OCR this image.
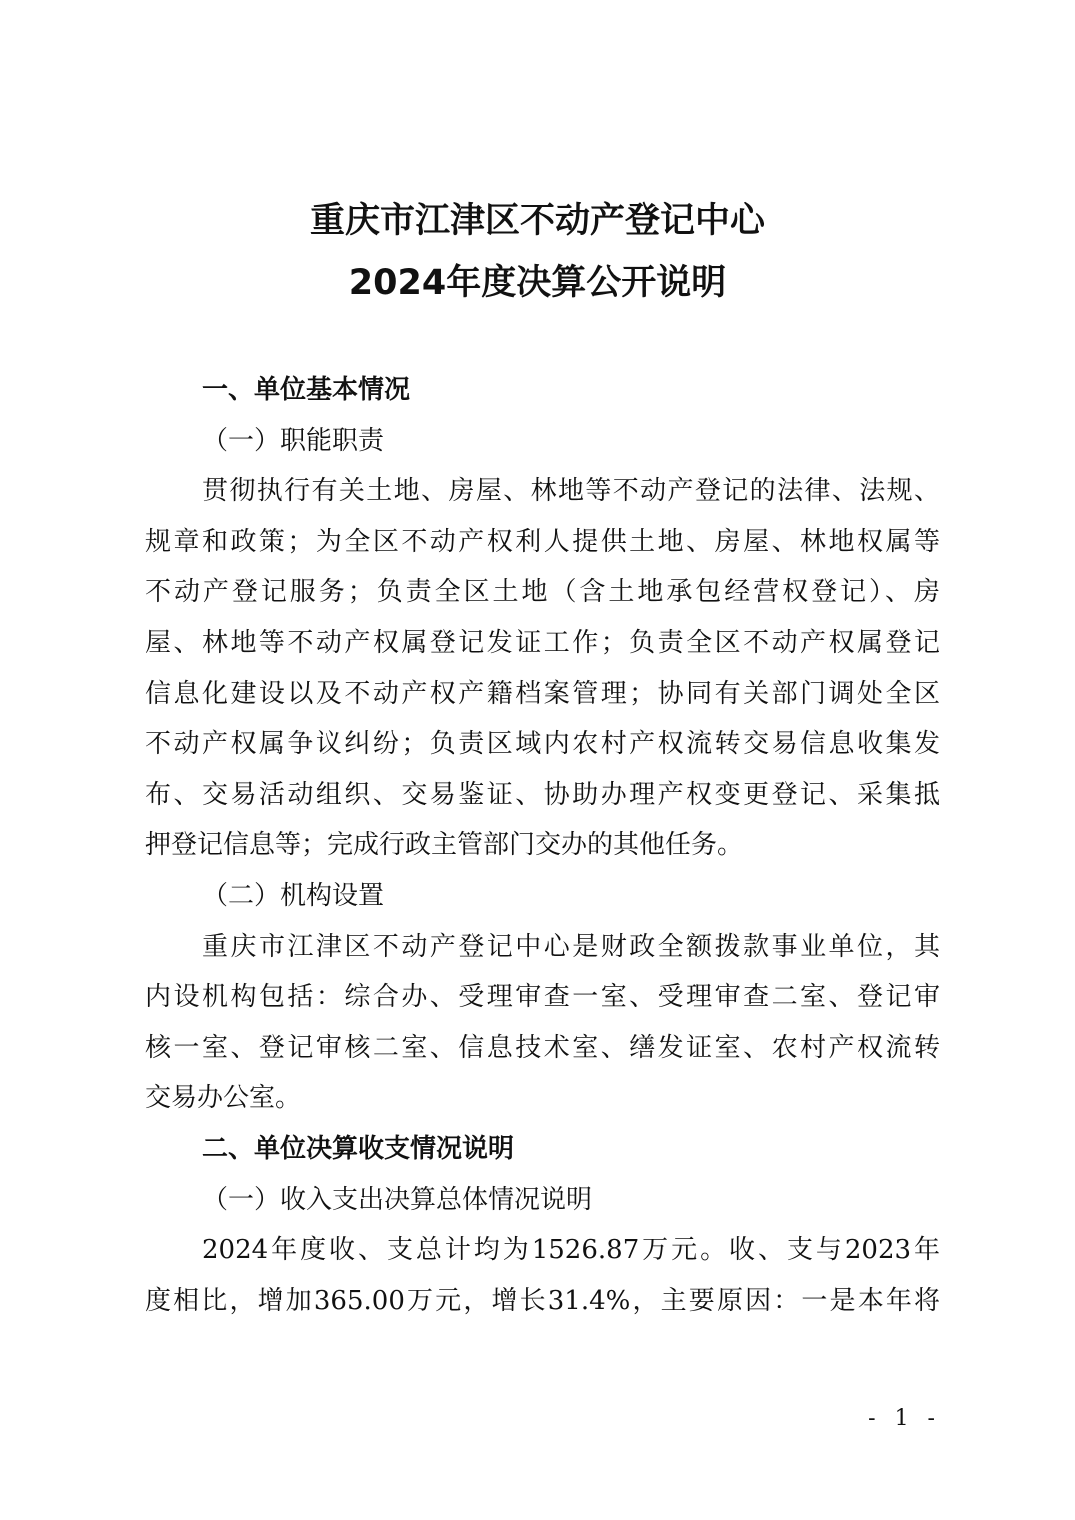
重庆市江津区不动产登记中心
2024年度决算公开说明
一、单位基本情况
（一）职能职责
贯彻执行有关土地、房屋、林地等不动产登记的法律、法规、
规章和政策；为全区不动产权利人提供土地、房屋、林地权属等
不动产登记服务；负责全区土地（含土地承包经营权登记）、房
屋、林地等不动产权属登记发证工作；负责全区不动产权属登记
信息化建设以及不动产权产籍档案管理；协同有关部门调处全区
不动产权属争议纠纷；负责区域内农村产权流转交易信息收集发
布、交易活动组织、交易鉴证、协助办理产权变更登记、采集抵
押登记信息等；完成行政主管部门交办的其他任务。
（二）机构设置
重庆市江津区不动产登记中心是财政全额拨款事业单位，其
内设机构包括：综合办、受理审查一室、受理审查二室、登记审
核一室、登记审核二室、信息技术室、缮发证室、农村产权流转
交易办公室。
二、单位决算收支情况说明
（一）收入支出决算总体情况说明
2024年度收、支总计均为1526.87万元。收、支与2023年
度相比，增加365.00万元，增长31.4%，主要原因：一是本年将
- 1 -
